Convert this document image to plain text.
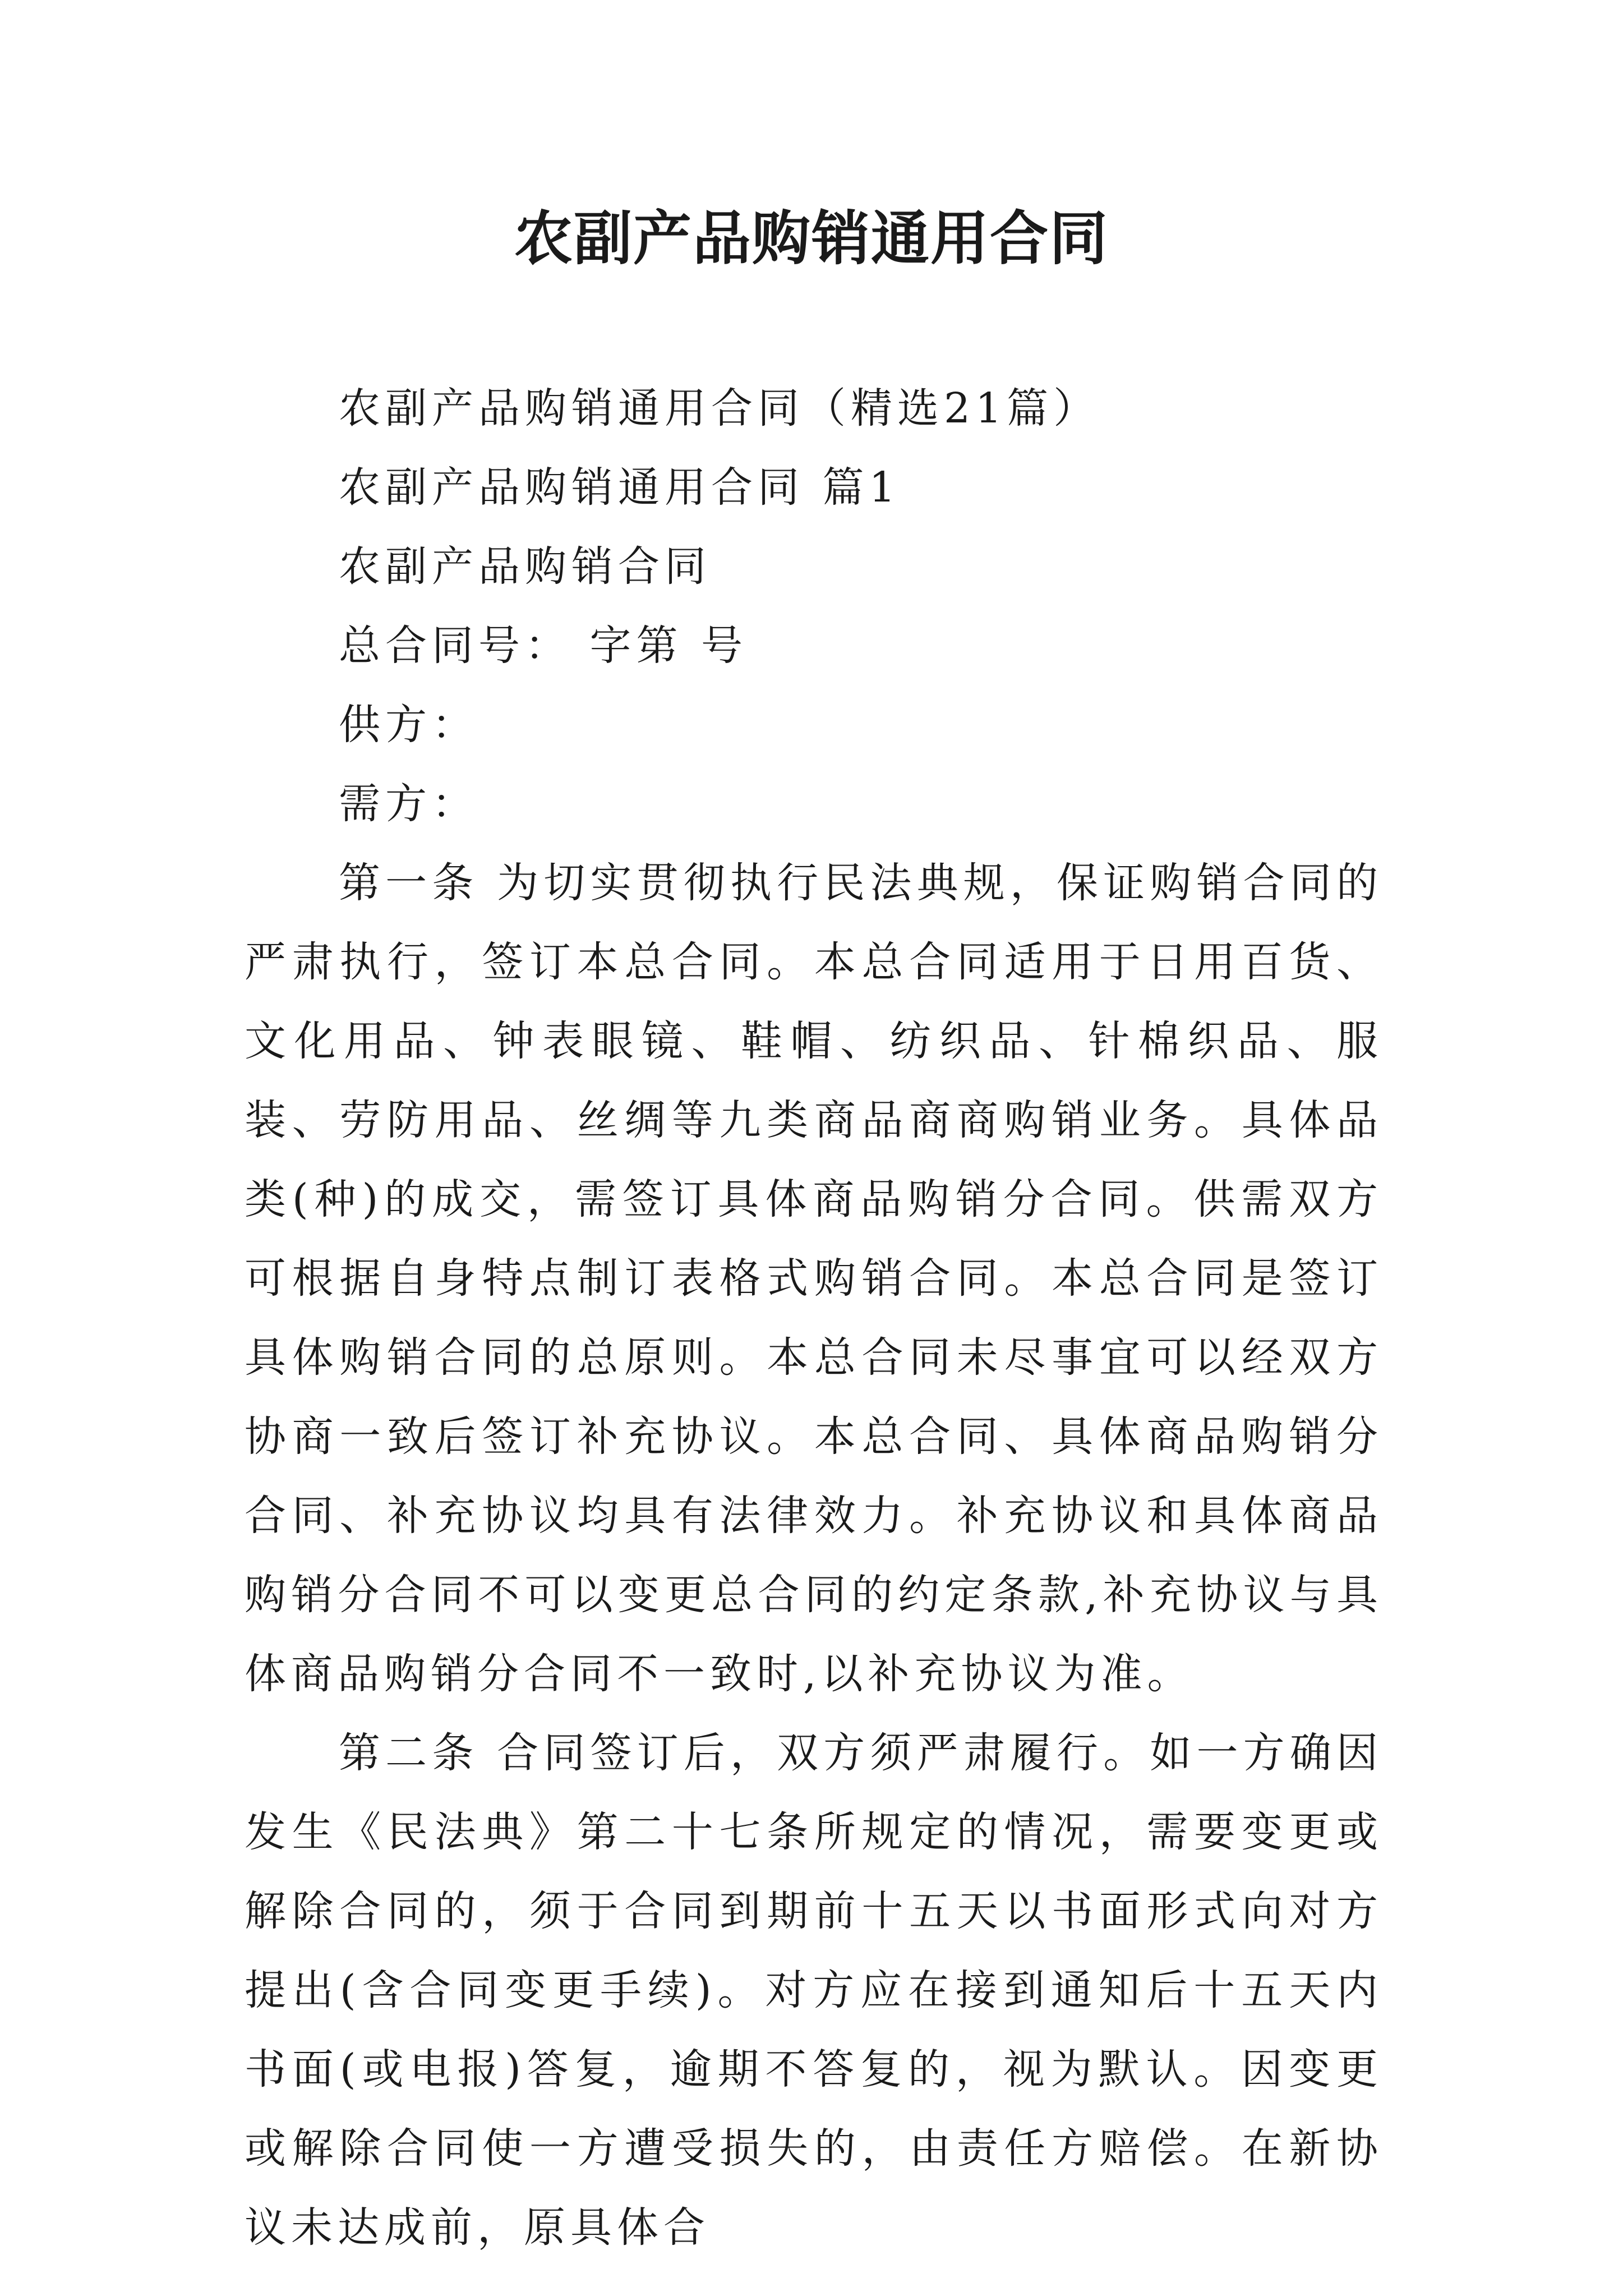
农副产品购销通用合同

农副产品购销通用合同（精选21篇）

农副产品购销通用合同 篇1

农副产品购销合同

总合同号： 字第 号

供方：

需方：

第一条 为切实贯彻执行民法典规，保证购销合同的严肃执行，签订本总合同。本总合同适用于日用百货、文化用品、钟表眼镜、鞋帽、纺织品、针棉织品、服装、劳防用品、丝绸等九类商品商商购销业务。具体品类(种)的成交，需签订具体商品购销分合同。供需双方可根据自身特点制订表格式购销合同。本总合同是签订具体购销合同的总原则。本总合同未尽事宜可以经双方协商一致后签订补充协议。本总合同、具体商品购销分合同、补充协议均具有法律效力。补充协议和具体商品购销分合同不可以变更总合同的约定条款,补充协议与具体商品购销分合同不一致时,以补充协议为准。

第二条 合同签订后，双方须严肃履行。如一方确因发生《民法典》第二十七条所规定的情况，需要变更或解除合同的，须于合同到期前十五天以书面形式向对方提出(含合同变更手续)。对方应在接到通知后十五天内书面(或电报)答复，逾期不答复的，视为默认。因变更或解除合同使一方遭受损失的，由责任方赔偿。在新协议未达成前，原具体合
